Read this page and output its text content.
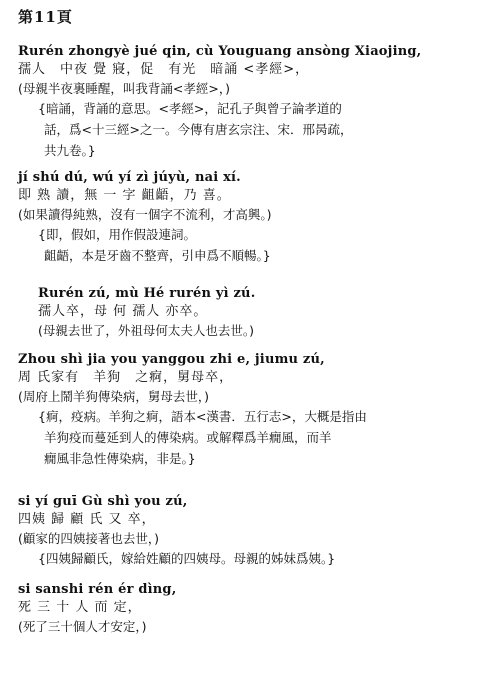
第11頁
Rurén zhongyè jué qin, cù Youguang ansòng Xiaojing,
孺人　中夜 覺 寢，促　有光　暗誦 <孝經>，
(母親半夜裏睡醒，叫我背誦<孝經>，)
{暗誦，背誦的意思。<孝經>，記孔子與曾子論孝道的
話，爲<十三經>之一。今傳有唐玄宗注、宋．邢昺疏，
共九卷。}
jí shú dú, wú yí zì júyù, nai xí.
即 熟 讀，無 一 字 齟齬，乃 喜。
(如果讀得純熟，沒有一個字不流利，才高興。)
{即，假如，用作假設連詞。
齟齬，本是牙齒不整齊，引申爲不順暢。}
Rurén zú, mù Hé rurén yì zú.
孺人卒，母 何 孺人 亦卒。
(母親去世了，外祖母何太夫人也去世。)
Zhou shì jia you yanggou zhi e, jiumu zú,
周 氏家有　羊狗　之痾，舅母卒，
(周府上鬧羊狗傳染病，舅母去世，)
{痾，疫病。羊狗之痾，語本<漢書．五行志>，大概是指由
羊狗疫而蔓延到人的傳染病。或解釋爲羊癇風，而羊
癇風非急性傳染病，非是。}
si yí guī Gù shì you zú,
四姨 歸 顧 氏 又 卒，
(顧家的四姨接著也去世，)
{四姨歸顧氏，嫁給姓顧的四姨母。母親的姊妹爲姨。}
si sanshi rén ér dìng,
死 三 十 人 而 定，
(死了三十個人才安定，)
